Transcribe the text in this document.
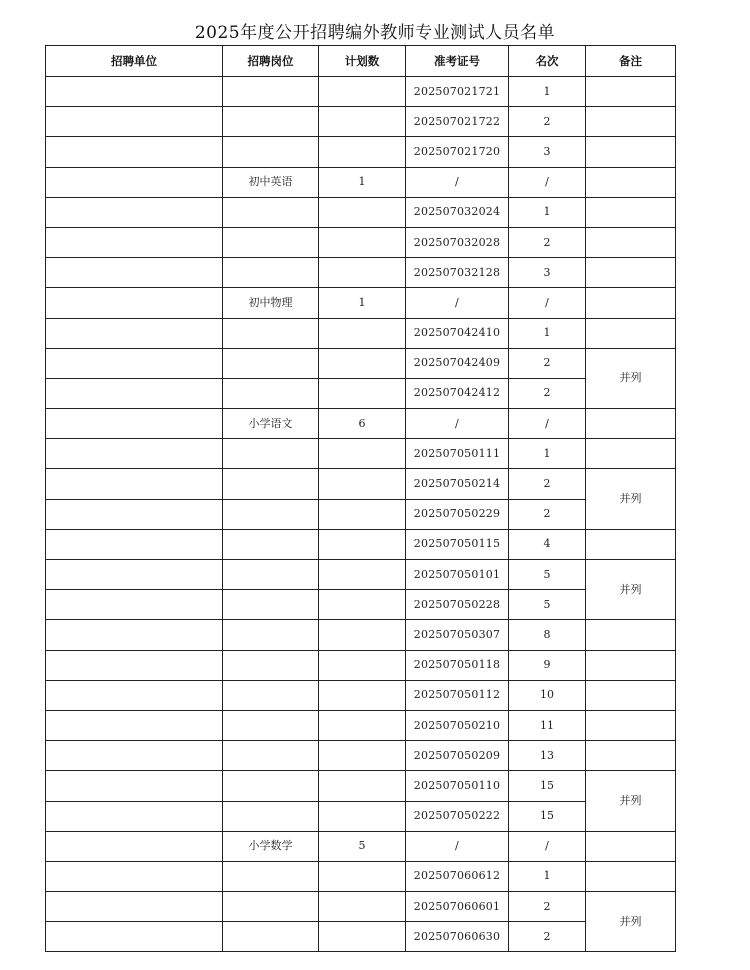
2025年度公开招聘编外教师专业测试人员名单
招聘单位	招聘岗位	计划数	准考证号	名次	备注
			202507021721	1	
			202507021722	2	
			202507021720	3	
	初中英语	1	/	/	
			202507032024	1	
			202507032028	2	
			202507032128	3	
	初中物理	1	/	/	
			202507042410	1	
			202507042409	2	并列
			202507042412	2	
	小学语文	6	/	/	
			202507050111	1	
			202507050214	2	并列
			202507050229	2	
			202507050115	4	
			202507050101	5	并列
			202507050228	5	
			202507050307	8	
			202507050118	9	
			202507050112	10	
			202507050210	11	
			202507050209	13	
			202507050110	15	并列
			202507050222	15	
	小学数学	5	/	/	
			202507060612	1	
			202507060601	2	并列
			202507060630	2	
